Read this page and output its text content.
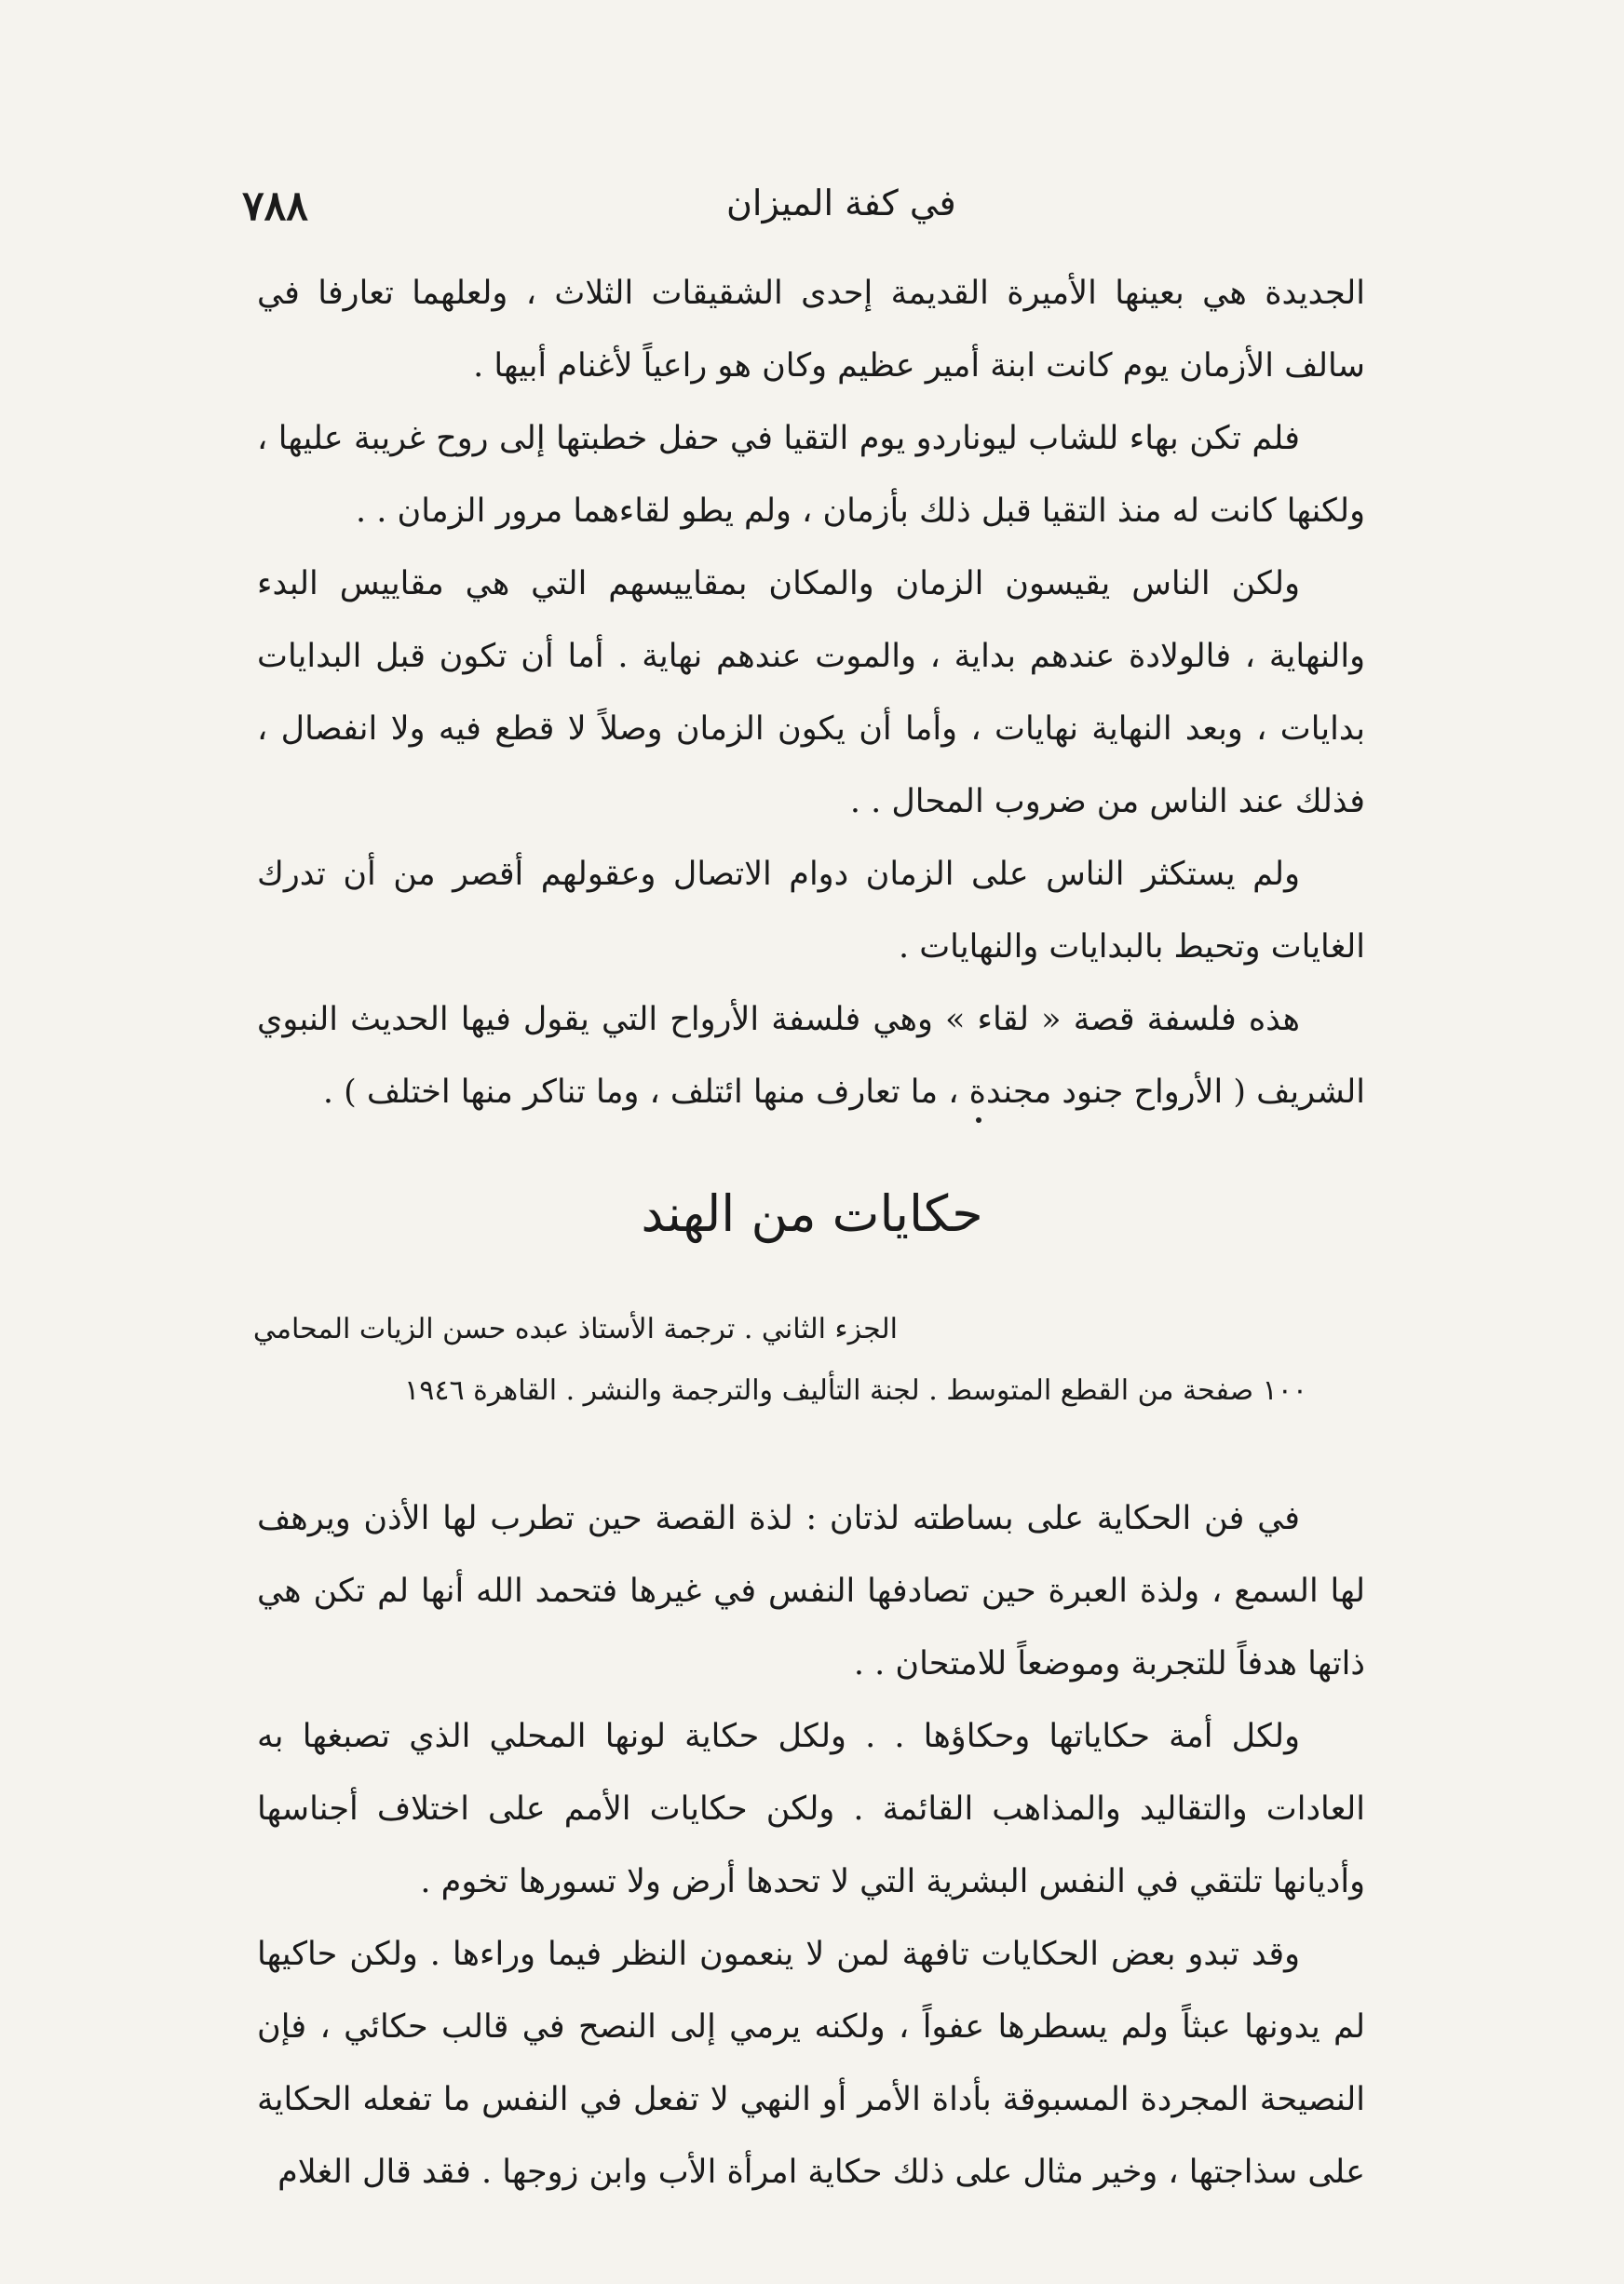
٧٨٨	في كفة الميزان

الجديدة هي بعينها الأميرة القديمة إحدى الشقيقات الثلاث ، ولعلهما تعارفا في سالف الأزمان يوم كانت ابنة أمير عظيم وكان هو راعياً لأغنام أبيها .

فلم تكن بهاء للشاب ليوناردو يوم التقيا في حفل خطبتها إلى روح غريبة عليها ، ولكنها كانت له منذ التقيا قبل ذلك بأزمان ، ولم يطو لقاءهما مرور الزمان . .

ولكن الناس يقيسون الزمان والمكان بمقاييسهم التي هي مقاييس البدء والنهاية ، فالولادة عندهم بداية ، والموت عندهم نهاية . أما أن تكون قبل البدايات بدايات ، وبعد النهاية نهايات ، وأما أن يكون الزمان وصلاً لا قطع فيه ولا انفصال ، فذلك عند الناس من ضروب المحال . .

ولم يستكثر الناس على الزمان دوام الاتصال وعقولهم أقصر من أن تدرك الغايات وتحيط بالبدايات والنهايات .

هذه فلسفة قصة « لقاء » وهي فلسفة الأرواح التي يقول فيها الحديث النبوي الشريف ( الأرواح جنود مجندة ، ما تعارف منها ائتلف ، وما تناكر منها اختلف ) .

حكايات من الهند
الجزء الثاني . ترجمة الأستاذ عبده حسن الزيات المحامي
١٠٠ صفحة من القطع المتوسط . لجنة التأليف والترجمة والنشر . القاهرة ١٩٤٦

في فن الحكاية على بساطته لذتان : لذة القصة حين تطرب لها الأذن ويرهف لها السمع ، ولذة العبرة حين تصادفها النفس في غيرها فتحمد الله أنها لم تكن هي ذاتها هدفاً للتجربة وموضعاً للامتحان . .

ولكل أمة حكاياتها وحكاؤها . . ولكل حكاية لونها المحلي الذي تصبغها به العادات والتقاليد والمذاهب القائمة . ولكن حكايات الأمم على اختلاف أجناسها وأديانها تلتقي في النفس البشرية التي لا تحدها أرض ولا تسورها تخوم .

وقد تبدو بعض الحكايات تافهة لمن لا ينعمون النظر فيما وراءها . ولكن حاكيها لم يدونها عبثاً ولم يسطرها عفواً ، ولكنه يرمي إلى النصح في قالب حكائي ، فإن النصيحة المجردة المسبوقة بأداة الأمر أو النهي لا تفعل في النفس ما تفعله الحكاية على سذاجتها ، وخير مثال على ذلك حكاية امرأة الأب وابن زوجها . فقد قال الغلام
